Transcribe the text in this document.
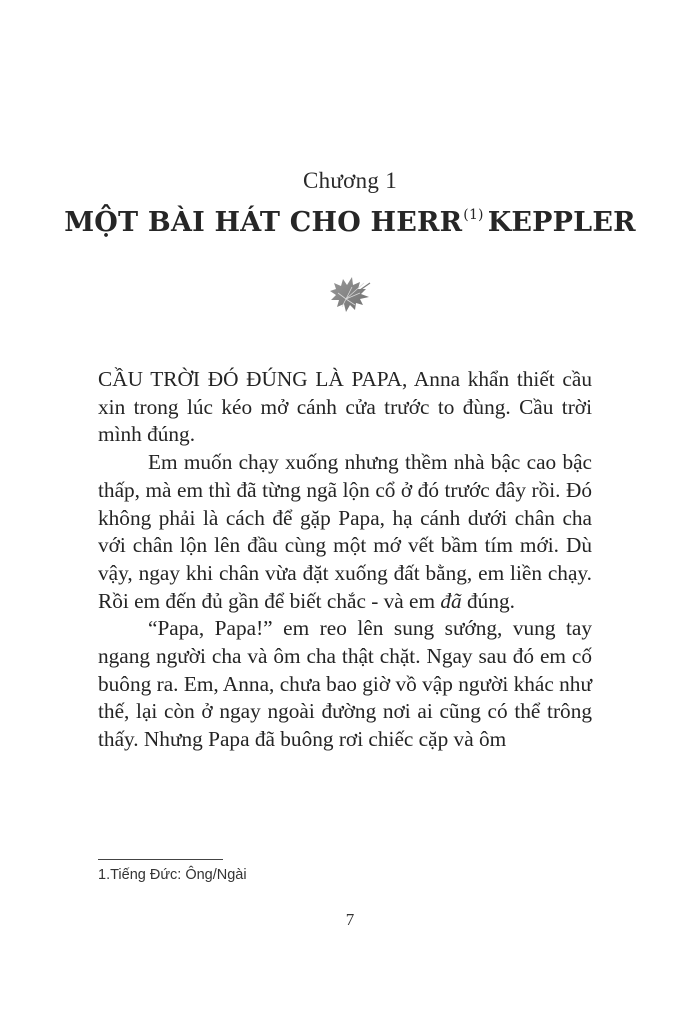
Chương 1
MỘT BÀI HÁT CHO HERR$^{(1)}$ KEPPLER

CẦU TRỜI ĐÓ ĐÚNG LÀ PAPA, Anna khẩn thiết cầu xin trong lúc kéo mở cánh cửa trước to đùng. Cầu trời mình đúng.

Em muốn chạy xuống nhưng thềm nhà bậc cao bậc thấp, mà em thì đã từng ngã lộn cổ ở đó trước đây rồi. Đó không phải là cách để gặp Papa, hạ cánh dưới chân cha với chân lộn lên đầu cùng một mớ vết bầm tím mới. Dù vậy, ngay khi chân vừa đặt xuống đất bằng, em liền chạy. Rồi em đến đủ gần để biết chắc - và em đã đúng.

“Papa, Papa!” em reo lên sung sướng, vung tay ngang người cha và ôm cha thật chặt. Ngay sau đó em cố buông ra. Em, Anna, chưa bao giờ vồ vập người khác như thế, lại còn ở ngay ngoài đường nơi ai cũng có thể trông thấy. Nhưng Papa đã buông rơi chiếc cặp và ôm

1.Tiếng Đức: Ông/Ngài
7
